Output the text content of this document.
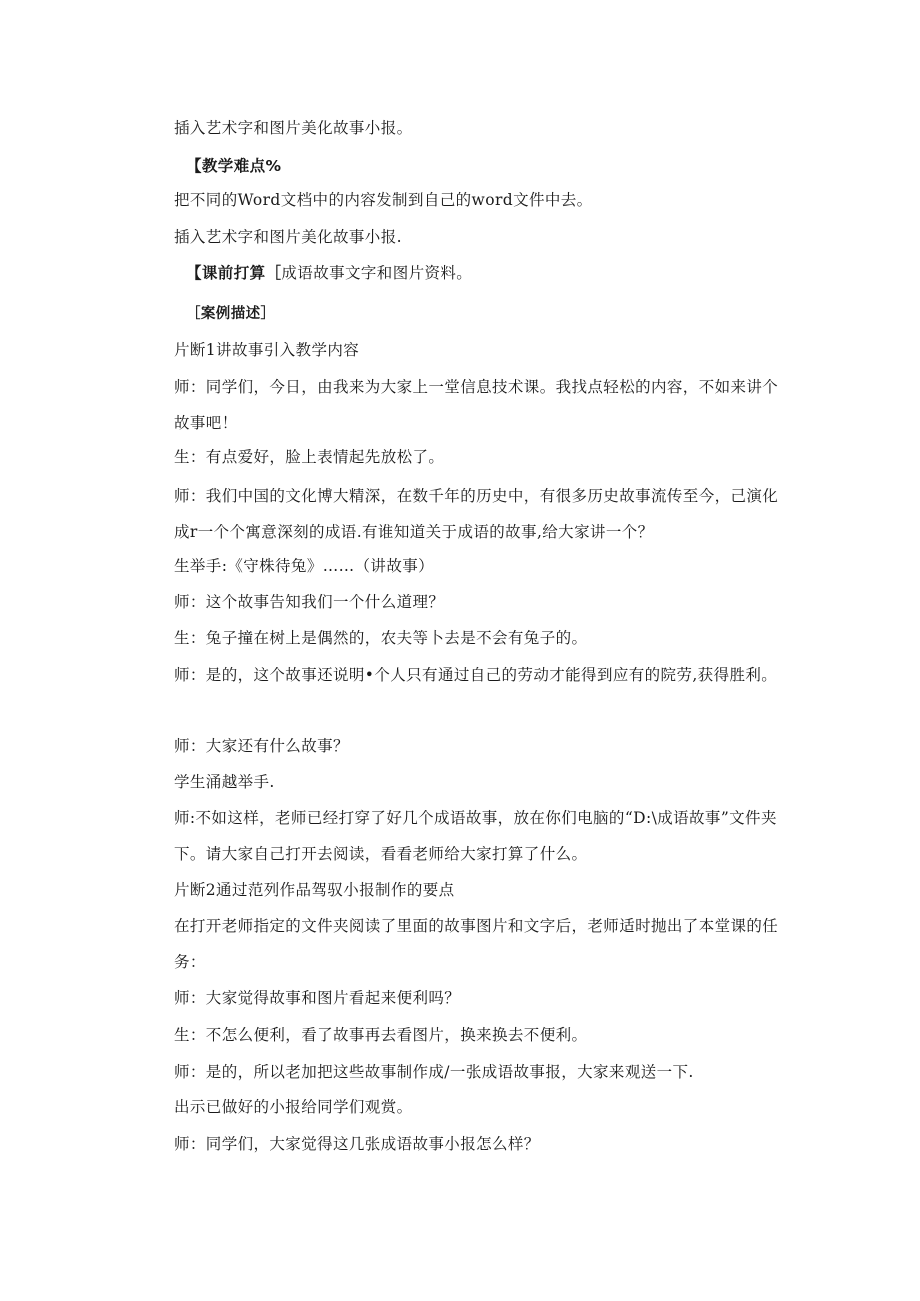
插入艺术字和图片美化故事小报。
【教学难点%
把不同的Word文档中的内容发制到自己的word文件中去。
插入艺术字和图片美化故事小报.
【课前打算［成语故事文字和图片资料。
［案例描述］
片断1讲故事引入教学内容
师：同学们，今日，由我来为大家上一堂信息技术课。我找点轻松的内容，不如来讲个故事吧！
生：有点爱好，脸上表情起先放松了。
师：我们中国的文化博大精深，在数千年的历史中，有很多历史故事流传至今，己演化成r一个个寓意深刻的成语.有谁知道关于成语的故事,给大家讲一个？
生举手:《守株待兔》……（讲故事）
师：这个故事告知我们一个什么道理？
生：兔子撞在树上是偶然的，农夫等卜去是不会有兔子的。
师：是的，这个故事还说明•个人只有通过自己的劳动才能得到应有的院劳,获得胜利。
师：大家还有什么故事？
学生涌越举手.
师:不如这样，老师已经打穿了好几个成语故事，放在你们电脑的“D:\成语故事”文件夹下。请大家自己打开去阅读，看看老师给大家打算了什么。
片断2通过范列作品驾驭小报制作的要点
在打开老师指定的文件夹阅读了里面的故事图片和文字后，老师适时抛出了本堂课的任务：
师：大家觉得故事和图片看起来便利吗？
生：不怎么便利，看了故事再去看图片，换来换去不便利。
师：是的，所以老加把这些故事制作成/一张成语故事报，大家来观送一下.
出示已做好的小报给同学们观赏。
师：同学们，大家觉得这几张成语故事小报怎么样？
